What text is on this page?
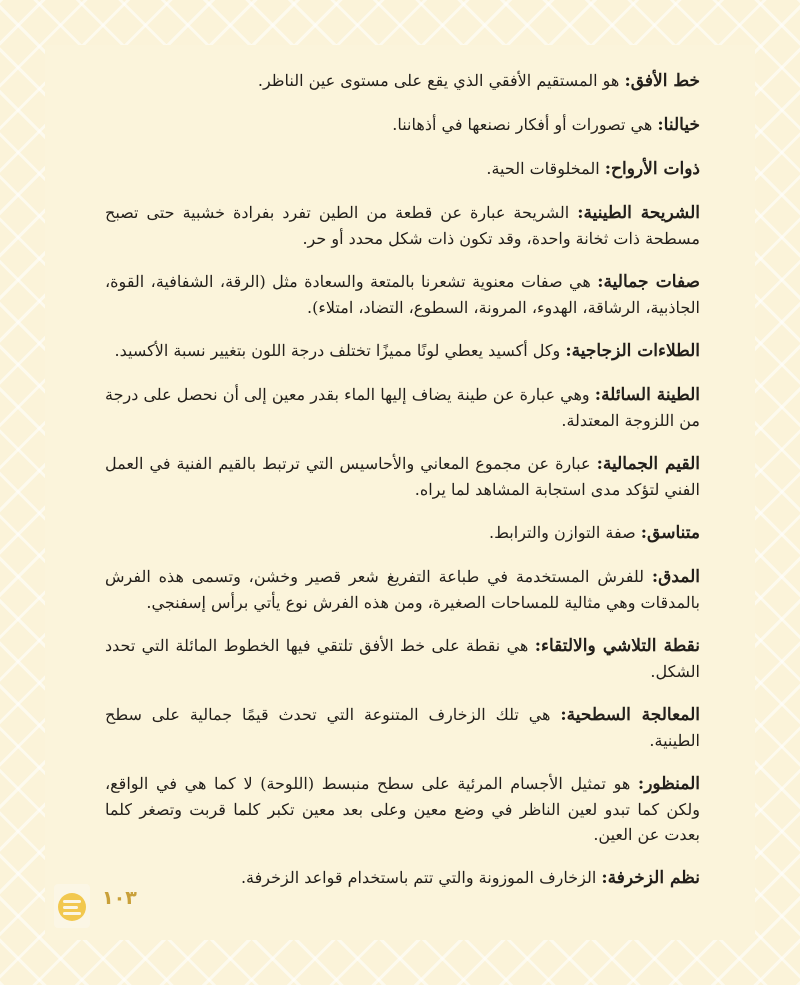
خط الأفق: هو المستقيم الأفقي الذي يقع على مستوى عين الناظر.

خيالنا: هي تصورات أو أفكار نصنعها في أذهاننا.

ذوات الأرواح: المخلوقات الحية.

الشريحة الطينية: الشريحة عبارة عن قطعة من الطين تفرد بفرادة خشبية حتى تصبح مسطحة ذات ثخانة واحدة، وقد تكون ذات شكل محدد أو حر.

صفات جمالية: هي صفات معنوية تشعرنا بالمتعة والسعادة مثل (الرقة، الشفافية، القوة، الجاذبية، الرشاقة، الهدوء، المرونة، السطوع، التضاد، امتلاء).

الطلاءات الزجاجية: وكل أكسيد يعطي لونًا مميزًا تختلف درجة اللون بتغيير نسبة الأكسيد.

الطينة السائلة: وهي عبارة عن طينة يضاف إليها الماء بقدر معين إلى أن نحصل على درجة من اللزوجة المعتدلة.

القيم الجمالية: عبارة عن مجموع المعاني والأحاسيس التي ترتبط بالقيم الفنية في العمل الفني لتؤكد مدى استجابة المشاهد لما يراه.

متناسق: صفة التوازن والترابط.

المدق: للفرش المستخدمة في طباعة التفريغ شعر قصير وخشن، وتسمى هذه الفرش بالمدقات وهي مثالية للمساحات الصغيرة، ومن هذه الفرش نوع يأتي برأس إسفنجي.

نقطة التلاشي والالتقاء: هي نقطة على خط الأفق تلتقي فيها الخطوط المائلة التي تحدد الشكل.

المعالجة السطحية: هي تلك الزخارف المتنوعة التي تحدث قيمًا جمالية على سطح الطينية.

المنظور: هو تمثيل الأجسام المرئية على سطح منبسط (اللوحة) لا كما هي في الواقع، ولكن كما تبدو لعين الناظر في وضع معين وعلى بعد معين تكبر كلما قربت وتصغر كلما بعدت عن العين.

نظم الزخرفة: الزخارف الموزونة والتي تتم باستخدام قواعد الزخرفة.

١٠٣
